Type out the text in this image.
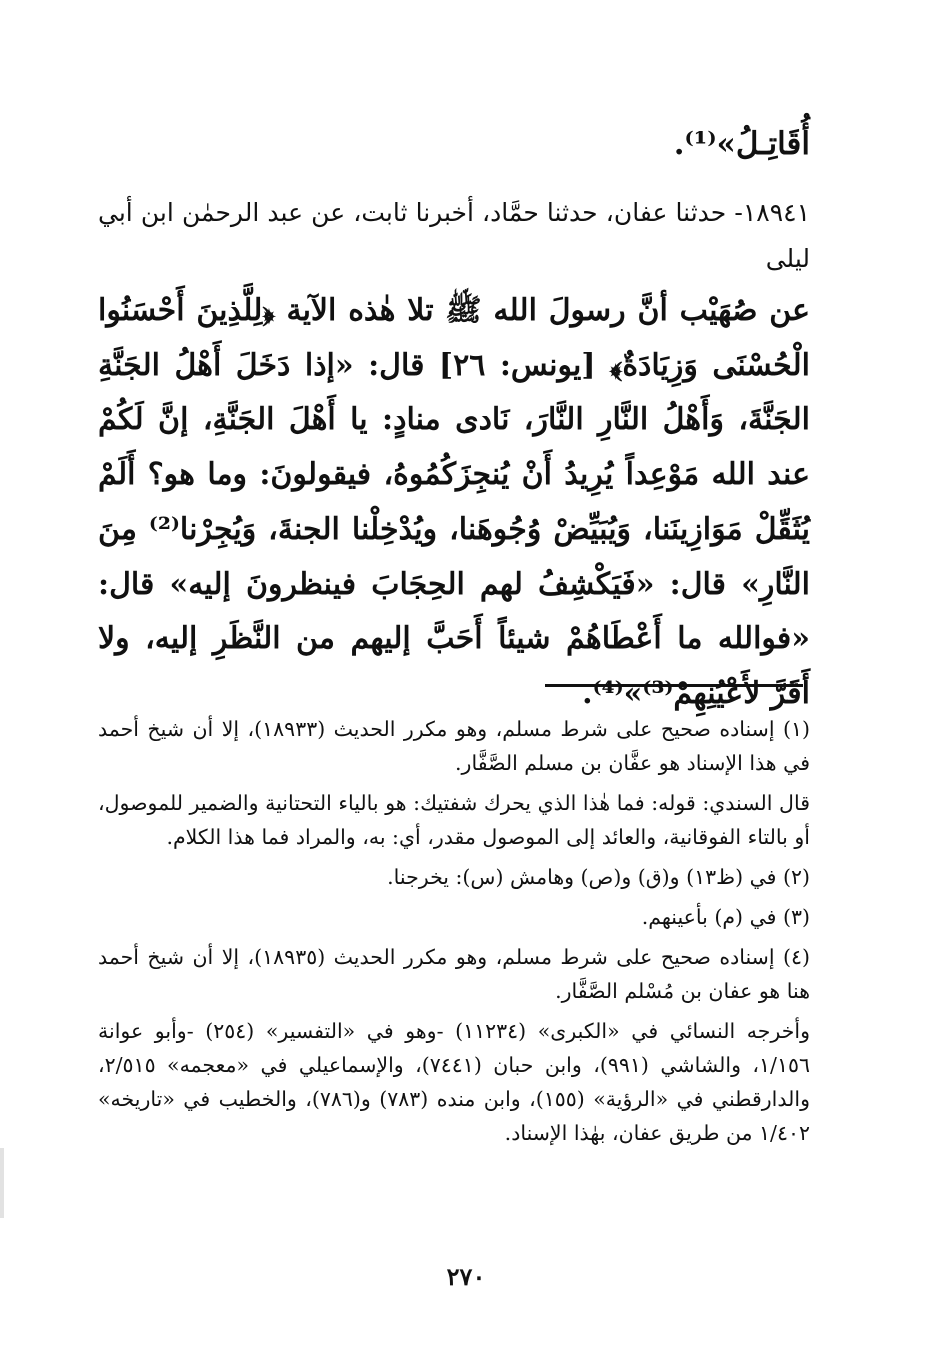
أُقَاتِـلُ»⁽¹⁾.
١٨٩٤١- حدثنا عفان، حدثنا حمَّاد، أخبرنا ثابت، عن عبد الرحمٰن ابن أبي ليلى
عن صُهَيْب أنَّ رسولَ الله ﷺ تلا هٰذه الآية ﴿لِلَّذِينَ أَحْسَنُوا الْحُسْنَى وَزِيَادَةٌ﴾ [يونس: ٢٦] قال: «إذا دَخَلَ أَهْلُ الجَنَّةِ الجَنَّةَ، وَأَهْلُ النَّارِ النَّارَ، نَادى منادٍ: يا أَهْلَ الجَنَّةِ، إنَّ لَكُمْ عند الله مَوْعِداً يُرِيدُ أَنْ يُنجِزَكُمُوهُ، فيقولونَ: وما هو؟ أَلَمْ يُثَقِّلْ مَوَازِينَنا، وَيُبَيِّضْ وُجُوهَنا، ويُدْخِلْنا الجنةَ، وَيُجِرْنا⁽²⁾ مِنَ النَّارِ» قال: «فَيَكْشِفُ لهم الحِجَابَ فينظرونَ إليه» قال: «فوالله ما أَعْطَاهُمْ شيئاً أَحَبَّ إليهم من النَّظَرِ إليه، ولا أَقَرَّ لأَعْيُنِهِمْ⁽³⁾»⁽⁴⁾.

(١) إسناده صحيح على شرط مسلم، وهو مكرر الحديث (١٨٩٣٣)، إلا أن شيخ أحمد في هذا الإسناد هو عفَّان بن مسلم الصَّفَّار.

قال السندي: قوله: فما هٰذا الذي يحرك شفتيك: هو بالياء التحتانية والضمير للموصول، أو بالتاء الفوقانية، والعائد إلى الموصول مقدر، أي: به، والمراد فما هذا الكلام.

(٢) في (ظ١٣) و(ق) و(ص) وهامش (س): يخرجنا.

(٣) في (م) بأعينهم.

(٤) إسناده صحيح على شرط مسلم، وهو مكرر الحديث (١٨٩٣٥)، إلا أن شيخ أحمد هنا هو عفان بن مُسْلم الصَّفَّار.

وأخرجه النسائي في «الكبرى» (١١٢٣٤) -وهو في «التفسير» (٢٥٤) -وأبو عوانة ١/١٥٦، والشاشي (٩٩١)، وابن حبان (٧٤٤١)، والإسماعيلي في «معجمه» ٢/٥١٥، والدارقطني في «الرؤية» (١٥٥)، وابن منده (٧٨٣) و(٧٨٦)، والخطيب في «تاريخه» ١/٤٠٢ من طريق عفان، بهٰذا الإسناد.

٢٧٠
